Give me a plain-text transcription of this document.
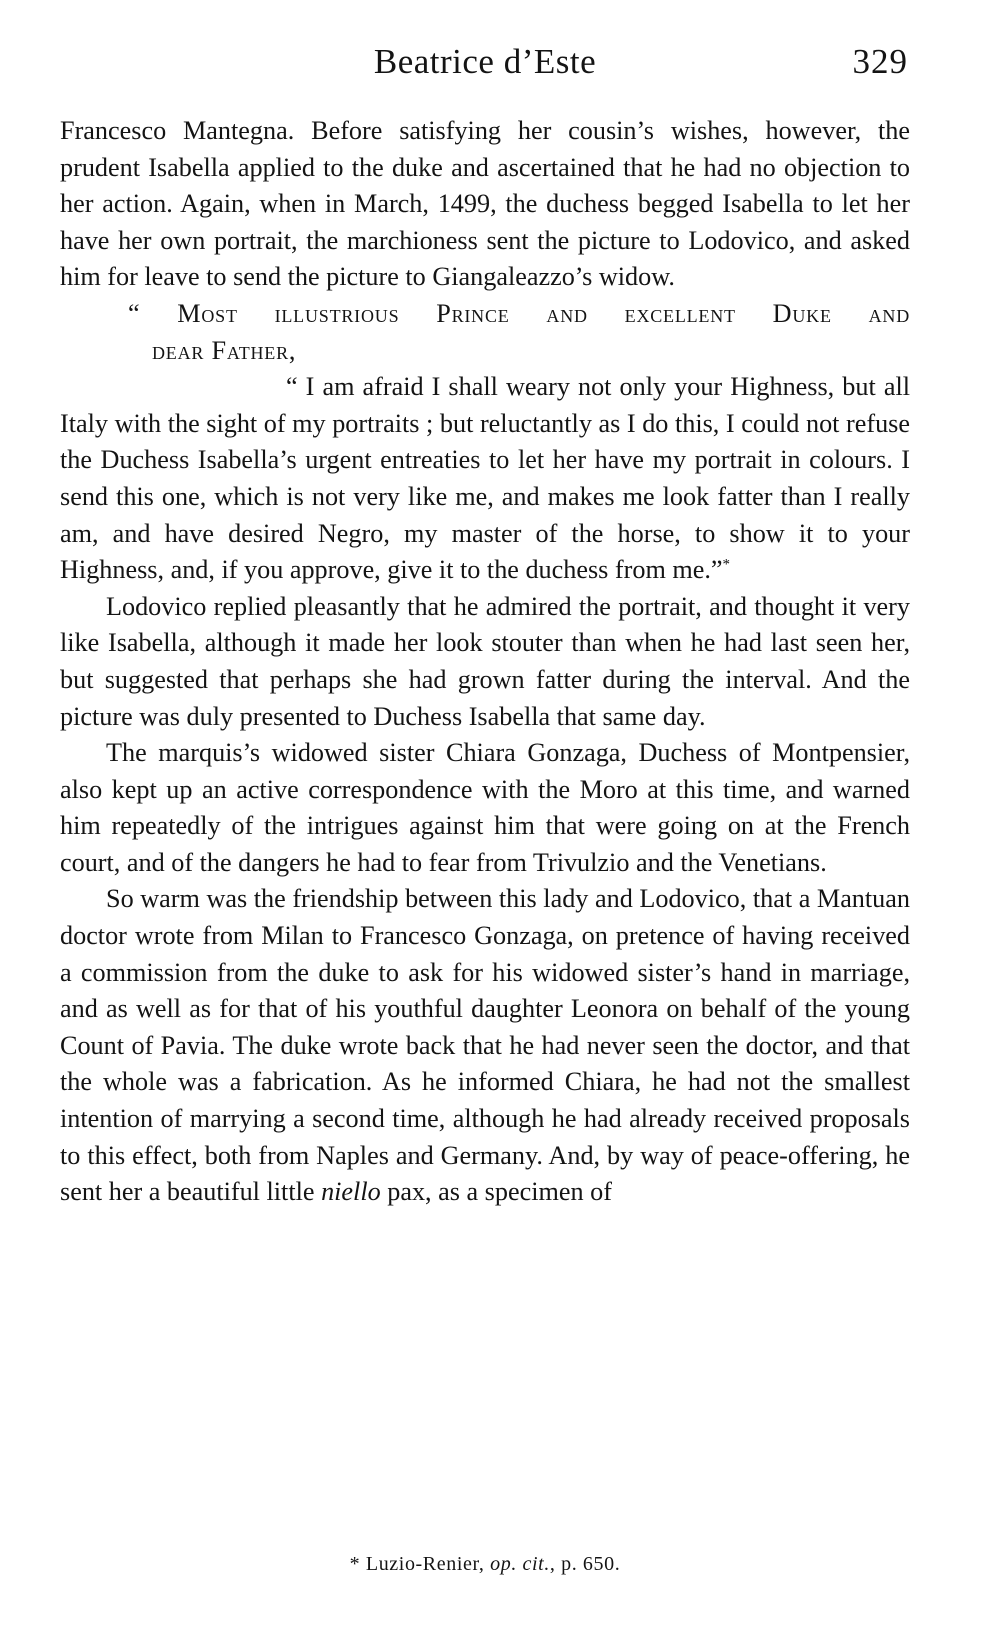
Beatrice d’Este	329

Francesco Mantegna. Before satisfying her cousin’s wishes, however, the prudent Isabella applied to the duke and ascertained that he had no objection to her action. Again, when in March, 1499, the duchess begged Isabella to let her have her own portrait, the marchioness sent the picture to Lodovico, and asked him for leave to send the picture to Giangaleazzo’s widow.

“ Most illustrious Prince and excellent Duke and
dear Father,

“ I am afraid I shall weary not only your Highness, but all Italy with the sight of my portraits ; but reluctantly as I do this, I could not refuse the Duchess Isabella’s urgent entreaties to let her have my portrait in colours. I send this one, which is not very like me, and makes me look fatter than I really am, and have desired Negro, my master of the horse, to show it to your Highness, and, if you approve, give it to the duchess from me.”*

Lodovico replied pleasantly that he admired the portrait, and thought it very like Isabella, although it made her look stouter than when he had last seen her, but suggested that perhaps she had grown fatter during the interval. And the picture was duly presented to Duchess Isabella that same day.

The marquis’s widowed sister Chiara Gonzaga, Duchess of Montpensier, also kept up an active correspondence with the Moro at this time, and warned him repeatedly of the intrigues against him that were going on at the French court, and of the dangers he had to fear from Trivulzio and the Venetians.

So warm was the friendship between this lady and Lodovico, that a Mantuan doctor wrote from Milan to Francesco Gonzaga, on pretence of having received a commission from the duke to ask for his widowed sister’s hand in marriage, and as well as for that of his youthful daughter Leonora on behalf of the young Count of Pavia. The duke wrote back that he had never seen the doctor, and that the whole was a fabrication. As he informed Chiara, he had not the smallest intention of marrying a second time, although he had already received proposals to this effect, both from Naples and Germany. And, by way of peace-offering, he sent her a beautiful little niello pax, as a specimen of

* Luzio-Renier, op. cit., p. 650.
